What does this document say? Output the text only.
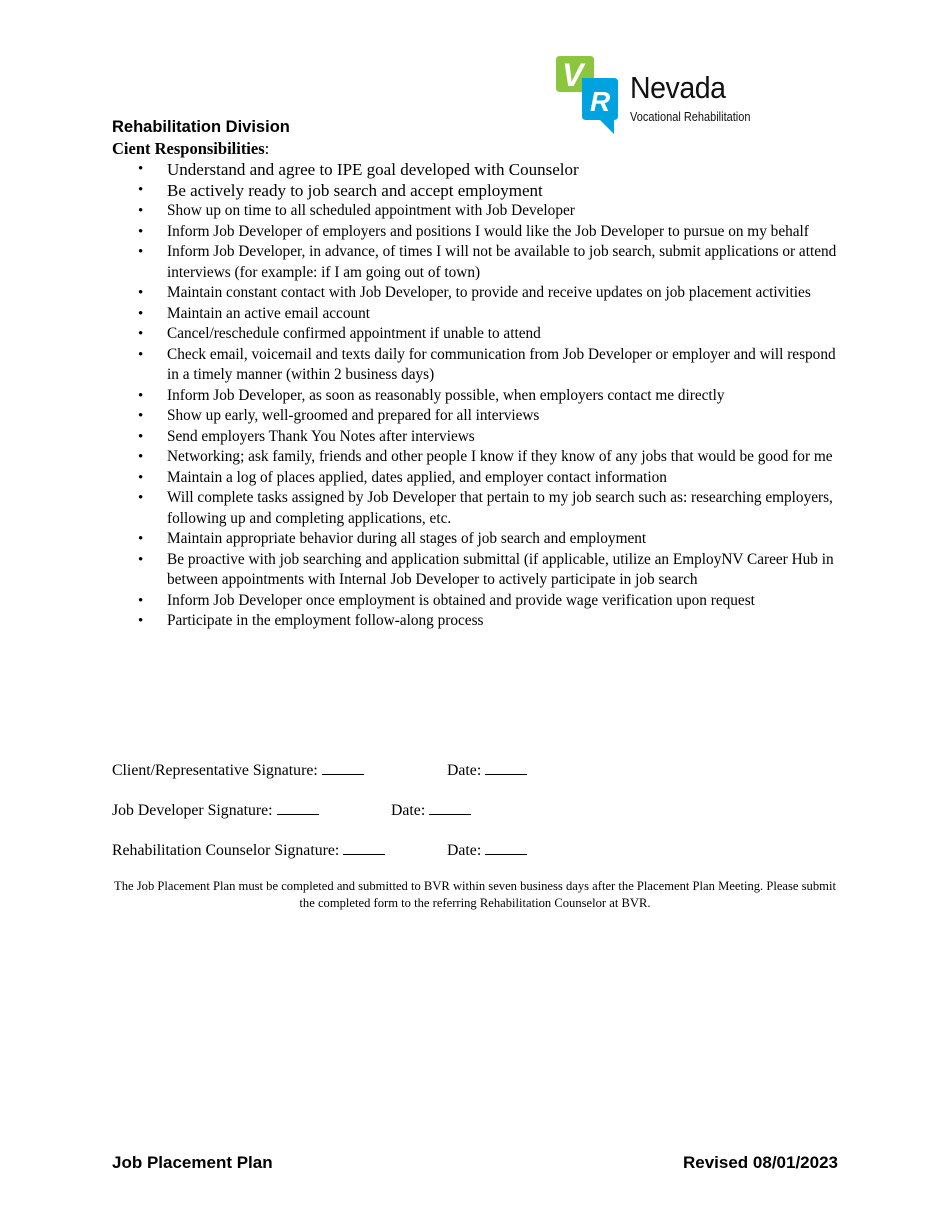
V
R Nevada
Vocational Rehabilitation
Rehabilitation Division
Cient Responsibilities:
• Understand and agree to IPE goal developed with Counselor
• Be actively ready to job search and accept employment
• Show up on time to all scheduled appointment with Job Developer
• Inform Job Developer of employers and positions I would like the Job Developer to pursue on my behalf
• Inform Job Developer, in advance, of times I will not be available to job search, submit applications or attend interviews (for example: if I am going out of town)
• Maintain constant contact with Job Developer, to provide and receive updates on job placement activities
• Maintain an active email account
• Cancel/reschedule confirmed appointment if unable to attend
• Check email, voicemail and texts daily for communication from Job Developer or employer and will respond in a timely manner (within 2 business days)
• Inform Job Developer, as soon as reasonably possible, when employers contact me directly
• Show up early, well-groomed and prepared for all interviews
• Send employers Thank You Notes after interviews
• Networking; ask family, friends and other people I know if they know of any jobs that would be good for me
• Maintain a log of places applied, dates applied, and employer contact information
• Will complete tasks assigned by Job Developer that pertain to my job search such as: researching employers, following up and completing applications, etc.
• Maintain appropriate behavior during all stages of job search and employment
• Be proactive with job searching and application submittal (if applicable, utilize an EmployNV Career Hub in between appointments with Internal Job Developer to actively participate in job search
• Inform Job Developer once employment is obtained and provide wage verification upon request
• Participate in the employment follow-along process
Client/Representative Signature:	Date:
Job Developer Signature:	Date:
Rehabilitation Counselor Signature:	Date:
The Job Placement Plan must be completed and submitted to BVR within seven business days after the Placement Plan Meeting. Please submit the completed form to the referring Rehabilitation Counselor at BVR.
Job Placement Plan	Revised 08/01/2023
